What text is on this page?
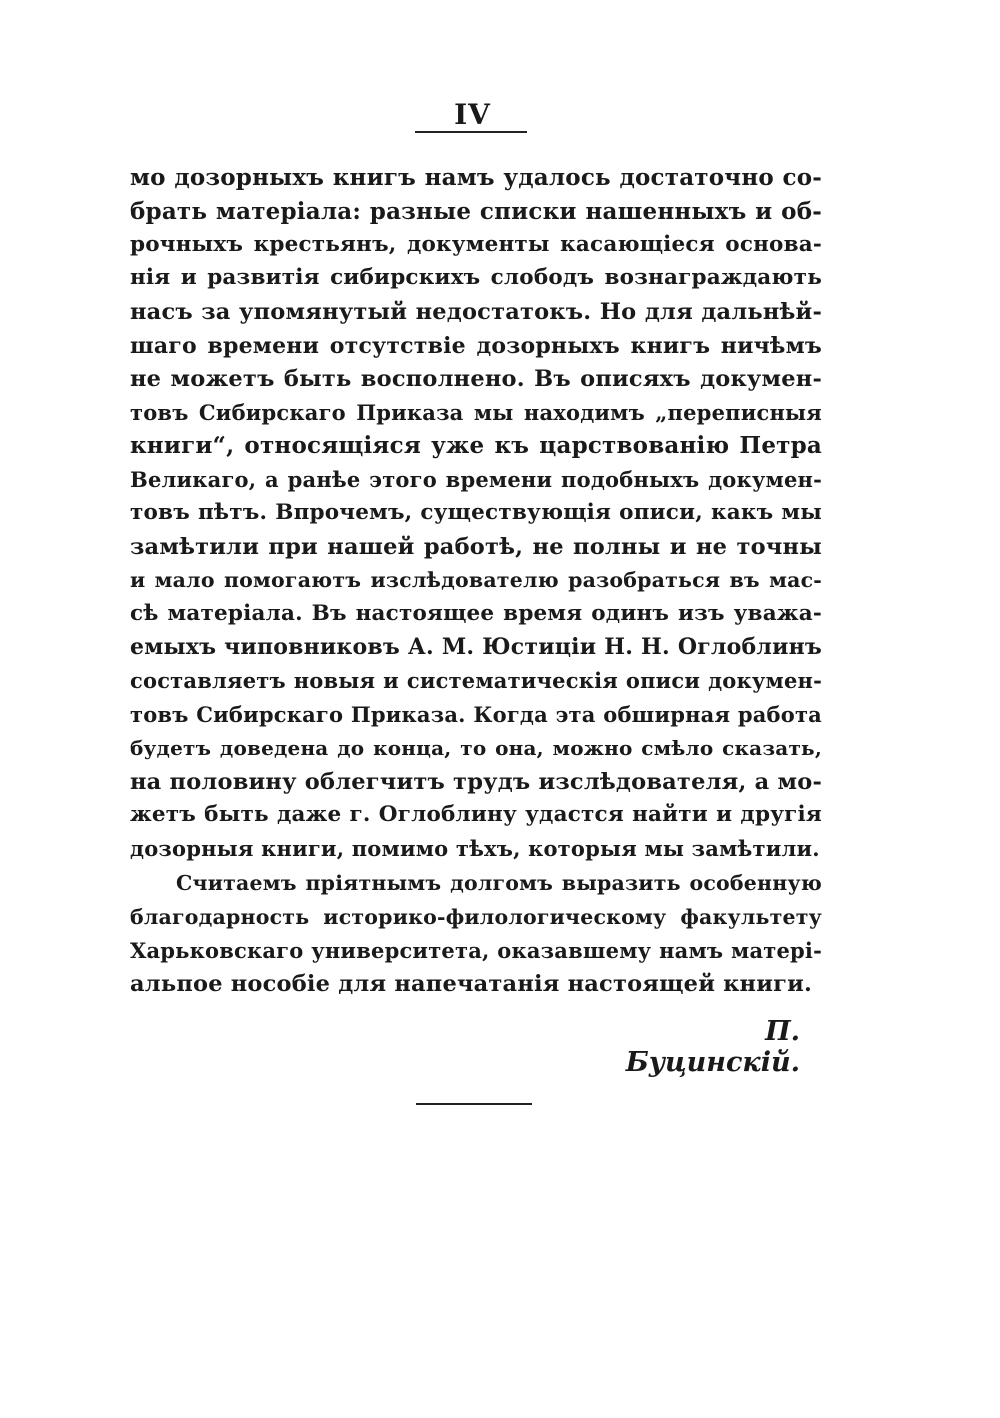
IV
мо дозорныхъ книгъ намъ удалось достаточно со-
брать матеріала: разные списки нашенныхъ и об-
рочныхъ крестьянъ, документы касающіеся основа-
нія и развитія сибирскихъ слободъ вознаграждають
насъ за упомянутый недостатокъ. Но для дальнѣй-
шаго времени отсутствіе дозорныхъ книгъ ничѣмъ
не можетъ быть восполнено. Въ описяхъ докумен-
товъ Сибирскаго Приказа мы находимъ „переписныя
книги“, относящіяся уже къ царствованію Петра
Великаго, а ранѣе этого времени подобныхъ докумен-
товъ пѣтъ. Впрочемъ, существующія описи, какъ мы
замѣтили при нашей работѣ, не полны и не точны
и мало помогаютъ изслѣдователю разобраться въ мас-
сѣ матеріала. Въ настоящее время одинъ изъ уважа-
емыхъ чиповниковъ А. М. Юстиціи Н. Н. Оглоблинъ
составляетъ новыя и систематическія описи докумен-
товъ Сибирскаго Приказа. Когда эта обширная работа
будетъ доведена до конца, то она, можно смѣло сказать,
на половину облегчитъ трудъ изслѣдователя, а мо-
жетъ быть даже г. Оглоблину удастся найти и другія
дозорныя книги, помимо тѣхъ, которыя мы замѣтили.
Считаемъ пріятнымъ долгомъ выразить особенную
благодарность историко-филологическому факультету
Харьковскаго университета, оказавшему намъ матері-
альпое нособіе для напечатанія настоящей книги.
П. Буцинскій.
